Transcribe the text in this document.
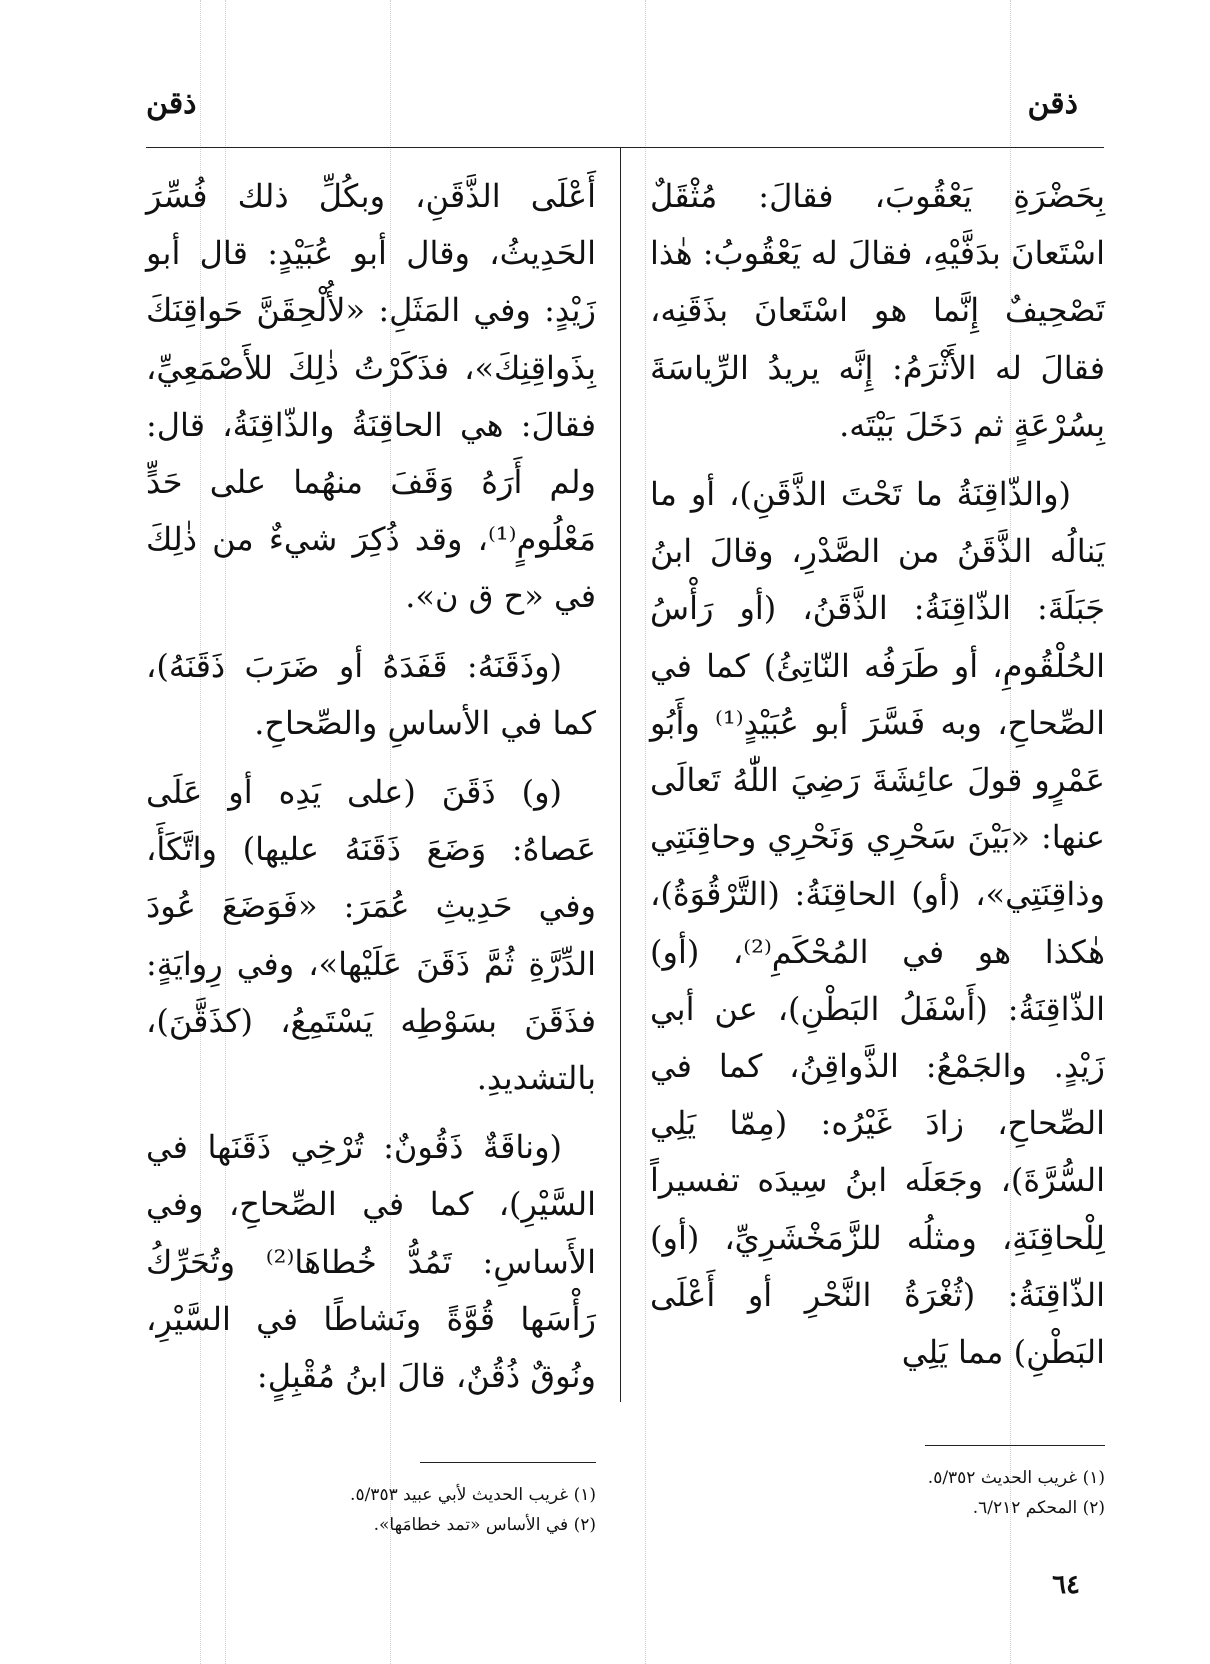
ذقن
ذقن

بِحَضْرَةِ يَعْقُوبَ، فقالَ: مُثْقَلٌ اسْتَعانَ بدَفَّيْهِ، فقالَ له يَعْقُوبُ: هٰذا تَصْحِيفٌ إِنَّما هو اسْتَعانَ بذَقَنِه، فقالَ له الأَثْرَمُ: إِنَّه يريدُ الرِّياسَةَ بِسُرْعَةٍ ثم دَخَلَ بَيْتَه.

(والذّاقِنَةُ ما تَحْتَ الذَّقَنِ)، أو ما يَنالُه الذَّقَنُ من الصَّدْرِ، وقالَ ابنُ جَبَلَةَ: الذّاقِنَةُ: الذَّقَنُ، (أو رَأْسُ الحُلْقُومِ، أو طَرَفُه النّاتِئُ) كما في الصِّحاحِ، وبه فَسَّرَ أبو عُبَيْدٍ⁽¹⁾ وأَبُو عَمْرٍو قولَ عائِشَةَ رَضِيَ اللّٰهُ تَعالَى عنها: «بَيْنَ سَحْرِي وَنَحْرِي وحاقِنَتِي وذاقِنَتِي»، (أو) الحاقِنَةُ: (التَّرْقُوَةُ)، هٰكذا هو في المُحْكَمِ⁽²⁾، (أو) الذّاقِنَةُ: (أَسْفَلُ البَطْنِ)، عن أبي زَيْدٍ. والجَمْعُ: الذَّواقِنُ، كما في الصِّحاحِ، زادَ غَيْرُه: (مِمّا يَلِي السُّرَّةَ)، وجَعَلَه ابنُ سِيدَه تفسيراً لِلْحاقِنَةِ، ومثلُه للزَّمَخْشَرِيِّ، (أو) الذّاقِنَةُ: (ثُغْرَةُ النَّحْرِ أو أَعْلَى البَطْنِ) مما يَلِي

أَعْلَى الذَّقَنِ، وبكُلِّ ذلك فُسِّرَ الحَدِيثُ، وقال أبو عُبَيْدٍ: قال أبو زَيْدٍ: وفي المَثَلِ: «لأُلْحِقَنَّ حَواقِنَكَ بِذَواقِنِكَ»، فذَكَرْتُ ذٰلِكَ للأَصْمَعِيِّ، فقالَ: هي الحاقِنَةُ والذّاقِنَةُ، قال: ولم أَرَهُ وَقَفَ منهُما على حَدٍّ مَعْلُومٍ⁽¹⁾، وقد ذُكِرَ شيءٌ من ذٰلِكَ في «ح ق ن».

(وذَقَنَهُ: قَفَدَهُ أو ضَرَبَ ذَقَنَهُ)، كما في الأساسِ والصِّحاحِ.

(و) ذَقَنَ (على يَدِه أو عَلَى عَصاهُ: وَضَعَ ذَقَنَهُ عليها) واتَّكَأَ، وفي حَدِيثِ عُمَرَ: «فَوَضَعَ عُودَ الدِّرَّةِ ثُمَّ ذَقَنَ عَلَيْها»، وفي رِوايَةٍ: فذَقَنَ بسَوْطِه يَسْتَمِعُ، (كذَقَّنَ)، بالتشديدِ.

(وناقَةٌ ذَقُونٌ: تُرْخِي ذَقَنَها في السَّيْرِ)، كما في الصِّحاحِ، وفي الأَساسِ: تَمُدُّ خُطاهَا⁽²⁾ وتُحَرِّكُ رَأْسَها قُوَّةً ونَشاطًا في السَّيْرِ، ونُوقٌ ذُقُنٌ، قالَ ابنُ مُقْبِلٍ:

(١) غريب الحديث ٥/٣٥٢.
(٢) المحكم ٦/٢١٢.
(١) غريب الحديث لأبي عبيد ٥/٣٥٣.
(٢) في الأساس «تمد خطامَها».
٦٤
